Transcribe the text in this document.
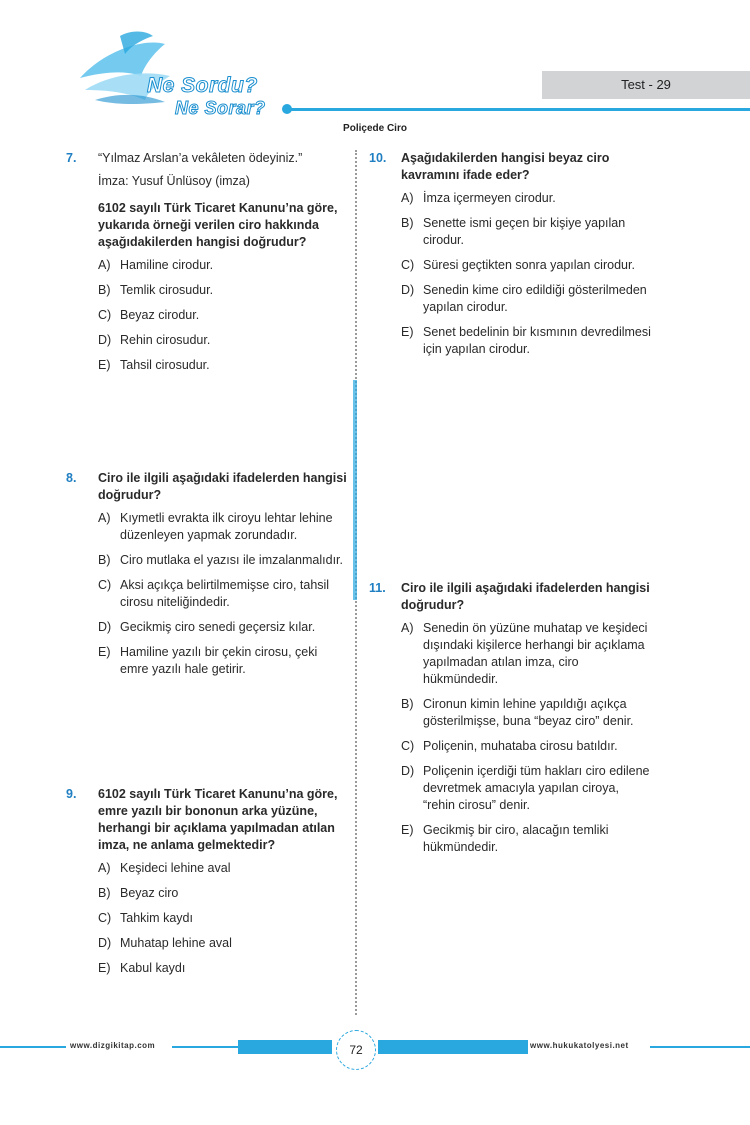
Ne Sordu?
Ne Sorar?
Test - 29
Poliçede Ciro
7. “Yılmaz Arslan’a vekâleten ödeyiniz.”

İmza: Yusuf Ünlüsoy (imza)

6102 sayılı Türk Ticaret Kanunu’na göre, yukarıda örneği verilen ciro hakkında aşağıdakilerden hangisi doğrudur?

A) Hamiline cirodur.
B) Temlik cirosudur.
C) Beyaz cirodur.
D) Rehin cirosudur.
E) Tahsil cirosudur.
8. Ciro ile ilgili aşağıdaki ifadelerden hangisi doğrudur?

A) Kıymetli evrakta ilk ciroyu lehtar lehine düzenleyen yapmak zorundadır.
B) Ciro mutlaka el yazısı ile imzalanmalıdır.
C) Aksi açıkça belirtilmemişse ciro, tahsil cirosu niteliğindedir.
D) Gecikmiş ciro senedi geçersiz kılar.
E) Hamiline yazılı bir çekin cirosu, çeki emre yazılı hale getirir.
9. 6102 sayılı Türk Ticaret Kanunu’na göre, emre yazılı bir bononun arka yüzüne, herhangi bir açıklama yapılmadan atılan imza, ne anlama gelmektedir?

A) Keşideci lehine aval
B) Beyaz ciro
C) Tahkim kaydı
D) Muhatap lehine aval
E) Kabul kaydı
10. Aşağıdakilerden hangisi beyaz ciro kavramını ifade eder?

A) İmza içermeyen cirodur.
B) Senette ismi geçen bir kişiye yapılan cirodur.
C) Süresi geçtikten sonra yapılan cirodur.
D) Senedin kime ciro edildiği gösterilmeden yapılan cirodur.
E) Senet bedelinin bir kısmının devredilmesi için yapılan cirodur.
11. Ciro ile ilgili aşağıdaki ifadelerden hangisi doğrudur?

A) Senedin ön yüzüne muhatap ve keşideci dışındaki kişilerce herhangi bir açıklama yapılmadan atılan imza, ciro hükmündedir.
B) Cironun kimin lehine yapıldığı açıkça gösterilmişse, buna “beyaz ciro” denir.
C) Poliçenin, muhataba cirosu batıldır.
D) Poliçenin içerdiği tüm hakları ciro edilene devretmek amacıyla yapılan ciroya, “rehin cirosu” denir.
E) Gecikmiş bir ciro, alacağın temliki hükmündedir.
www.dizgikitap.com	72	www.hukukatolyesi.net
